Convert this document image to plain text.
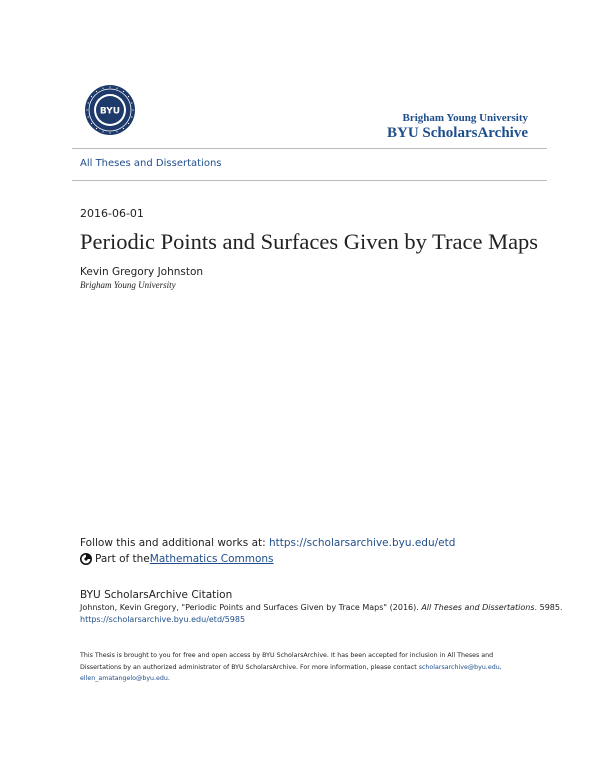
BYU
Brigham Young University
BYU ScholarsArchive
All Theses and Dissertations
2016-06-01
Periodic Points and Surfaces Given by Trace Maps
Kevin Gregory Johnston
Brigham Young University
Follow this and additional works at: https://scholarsarchive.byu.edu/etd
Part of the Mathematics Commons
BYU ScholarsArchive Citation
Johnston, Kevin Gregory, "Periodic Points and Surfaces Given by Trace Maps" (2016). All Theses and Dissertations. 5985.
https://scholarsarchive.byu.edu/etd/5985
This Thesis is brought to you for free and open access by BYU ScholarsArchive. It has been accepted for inclusion in All Theses and Dissertations by an authorized administrator of BYU ScholarsArchive. For more information, please contact scholarsarchive@byu.edu, ellen_amatangelo@byu.edu.
